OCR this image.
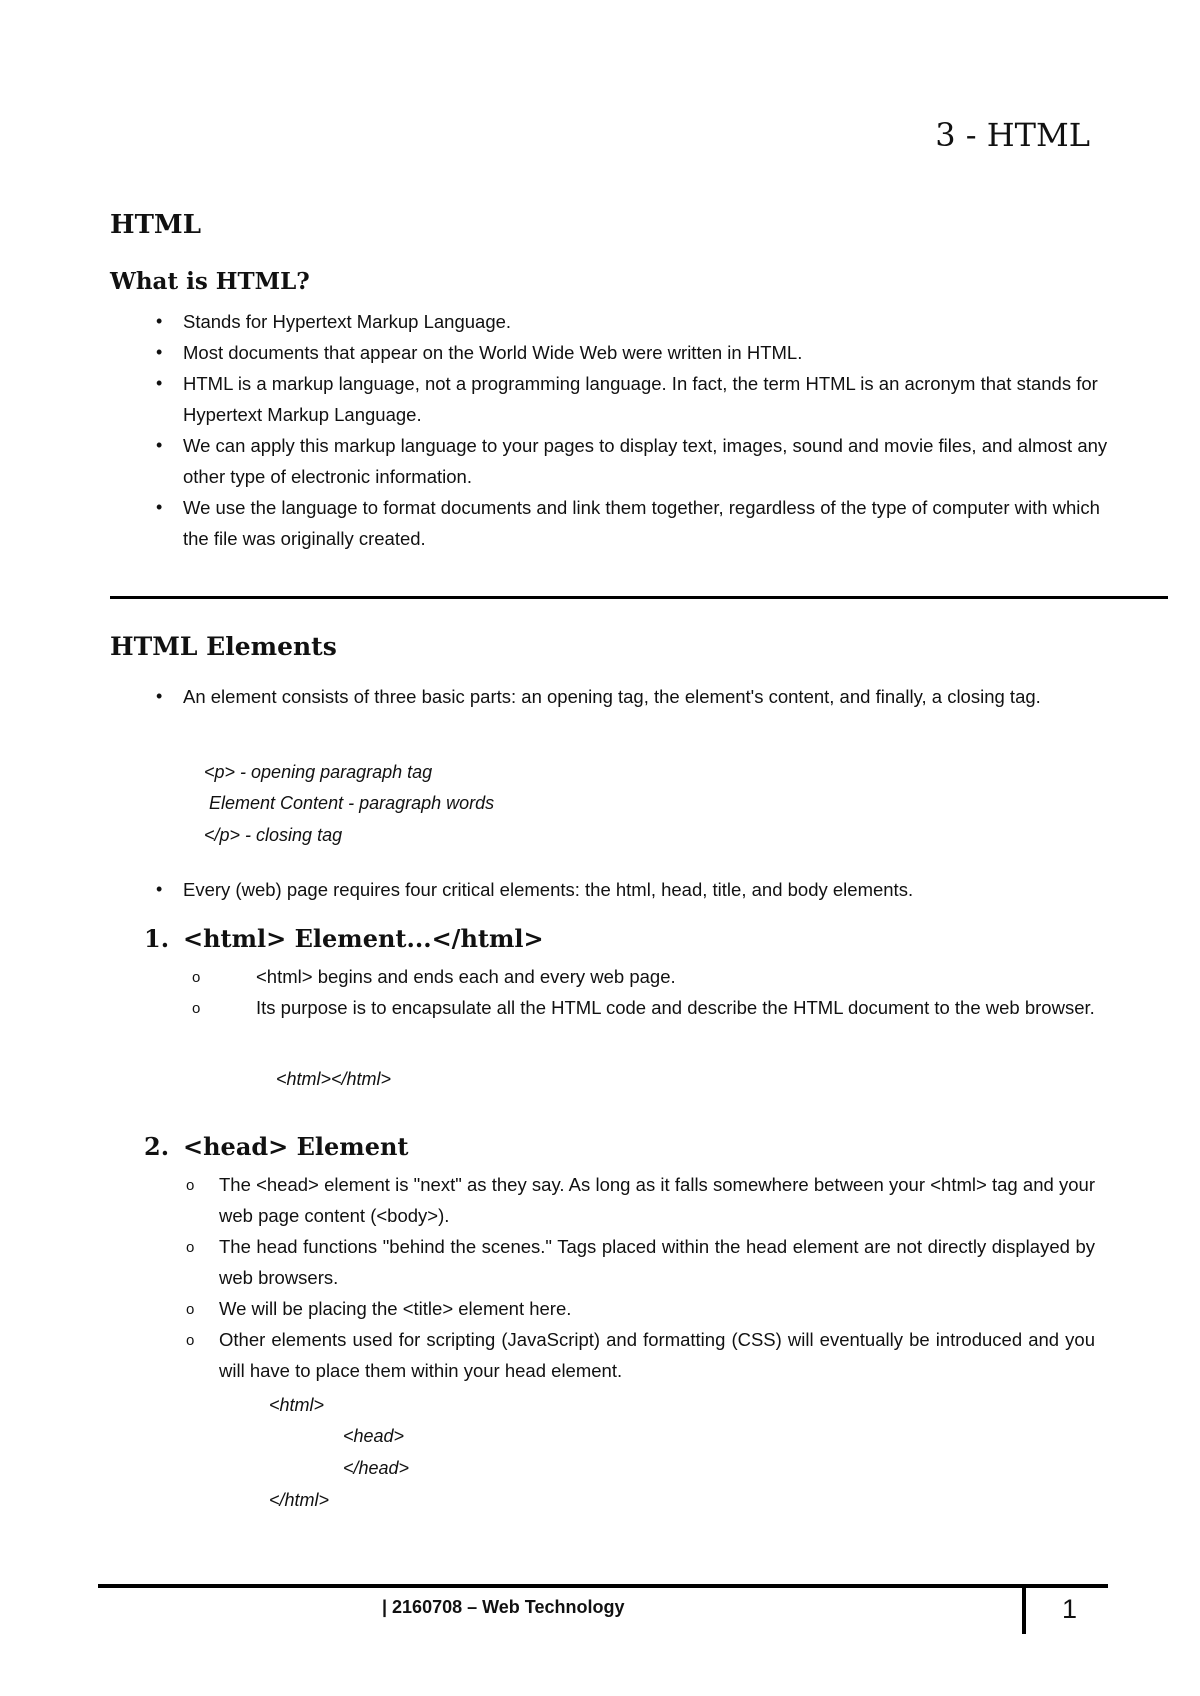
3 - HTML
HTML
What is HTML?
• Stands for Hypertext Markup Language.
• Most documents that appear on the World Wide Web were written in HTML.
• HTML is a markup language, not a programming language. In fact, the term HTML is an acronym that stands for Hypertext Markup Language.
• We can apply this markup language to your pages to display text, images, sound and movie files, and almost any other type of electronic information.
• We use the language to format documents and link them together, regardless of the type of computer with which the file was originally created.
HTML Elements
• An element consists of three basic parts: an opening tag, the element's content, and finally, a closing tag.
<p> - opening paragraph tag
Element Content - paragraph words
</p> - closing tag
• Every (web) page requires four critical elements: the html, head, title, and body elements.
1. <html> Element...</html>
o	<html> begins and ends each and every web page.
o	Its purpose is to encapsulate all the HTML code and describe the HTML document to the web browser.
<html></html>
2. <head> Element
o The <head> element is "next" as they say. As long as it falls somewhere between your <html> tag and your web page content (<body>).
o The head functions "behind the scenes." Tags placed within the head element are not directly displayed by web browsers.
o We will be placing the <title> element here.
o Other elements used for scripting (JavaScript) and formatting (CSS) will eventually be introduced and you will have to place them within your head element.
<html>
<head>
</head>
</html>
| 2160708 – Web Technology	1
